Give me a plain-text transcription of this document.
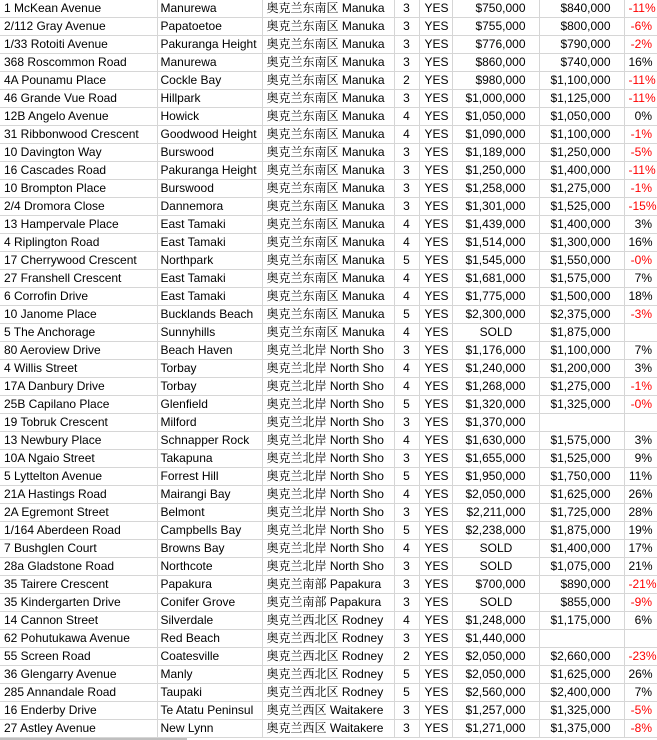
1 McKean Avenue	Manurewa	奥克兰东南区 Manuka	3	YES	$750,000	$840,000	-11%
2/112 Gray Avenue	Papatoetoe	奥克兰东南区 Manuka	3	YES	$755,000	$800,000	-6%
1/33 Rotoiti Avenue	Pakuranga Height	奥克兰东南区 Manuka	3	YES	$776,000	$790,000	-2%
368 Roscommon Road	Manurewa	奥克兰东南区 Manuka	3	YES	$860,000	$740,000	16%
4A Pounamu Place	Cockle Bay	奥克兰东南区 Manuka	2	YES	$980,000	$1,100,000	-11%
46 Grande Vue Road	Hillpark	奥克兰东南区 Manuka	3	YES	$1,000,000	$1,125,000	-11%
12B Angelo Avenue	Howick	奥克兰东南区 Manuka	4	YES	$1,050,000	$1,050,000	0%
31 Ribbonwood Crescent	Goodwood Height	奥克兰东南区 Manuka	4	YES	$1,090,000	$1,100,000	-1%
10 Davington Way	Burswood	奥克兰东南区 Manuka	3	YES	$1,189,000	$1,250,000	-5%
16 Cascades Road	Pakuranga Height	奥克兰东南区 Manuka	3	YES	$1,250,000	$1,400,000	-11%
10 Brompton Place	Burswood	奥克兰东南区 Manuka	3	YES	$1,258,000	$1,275,000	-1%
2/4 Dromora Close	Dannemora	奥克兰东南区 Manuka	3	YES	$1,301,000	$1,525,000	-15%
13 Hampervale Place	East Tamaki	奥克兰东南区 Manuka	4	YES	$1,439,000	$1,400,000	3%
4 Riplington Road	East Tamaki	奥克兰东南区 Manuka	4	YES	$1,514,000	$1,300,000	16%
17 Cherrywood Crescent	Northpark	奥克兰东南区 Manuka	5	YES	$1,545,000	$1,550,000	-0%
27 Franshell Crescent	East Tamaki	奥克兰东南区 Manuka	4	YES	$1,681,000	$1,575,000	7%
6 Corrofin Drive	East Tamaki	奥克兰东南区 Manuka	4	YES	$1,775,000	$1,500,000	18%
10 Janome Place	Bucklands Beach	奥克兰东南区 Manuka	5	YES	$2,300,000	$2,375,000	-3%
5 The Anchorage	Sunnyhills	奥克兰东南区 Manuka	4	YES	SOLD	$1,875,000	
80 Aeroview Drive	Beach Haven	奥克兰北岸 North Sho	3	YES	$1,176,000	$1,100,000	7%
4 Willis Street	Torbay	奥克兰北岸 North Sho	4	YES	$1,240,000	$1,200,000	3%
17A Danbury Drive	Torbay	奥克兰北岸 North Sho	4	YES	$1,268,000	$1,275,000	-1%
25B Capilano Place	Glenfield	奥克兰北岸 North Sho	5	YES	$1,320,000	$1,325,000	-0%
19 Tobruk Crescent	Milford	奥克兰北岸 North Sho	3	YES	$1,370,000		
13 Newbury Place	Schnapper Rock	奥克兰北岸 North Sho	4	YES	$1,630,000	$1,575,000	3%
10A Ngaio Street	Takapuna	奥克兰北岸 North Sho	3	YES	$1,655,000	$1,525,000	9%
5 Lyttelton Avenue	Forrest Hill	奥克兰北岸 North Sho	5	YES	$1,950,000	$1,750,000	11%
21A Hastings Road	Mairangi Bay	奥克兰北岸 North Sho	4	YES	$2,050,000	$1,625,000	26%
2A Egremont Street	Belmont	奥克兰北岸 North Sho	3	YES	$2,211,000	$1,725,000	28%
1/164 Aberdeen Road	Campbells Bay	奥克兰北岸 North Sho	5	YES	$2,238,000	$1,875,000	19%
7 Bushglen Court	Browns Bay	奥克兰北岸 North Sho	4	YES	SOLD	$1,400,000	17%
28a Gladstone Road	Northcote	奥克兰北岸 North Sho	3	YES	SOLD	$1,075,000	21%
35 Tairere Crescent	Papakura	奥克兰南部 Papakura	3	YES	$700,000	$890,000	-21%
35 Kindergarten Drive	Conifer Grove	奥克兰南部 Papakura	3	YES	SOLD	$855,000	-9%
14 Cannon Street	Silverdale	奥克兰西北区 Rodney	4	YES	$1,248,000	$1,175,000	6%
62 Pohutukawa Avenue	Red Beach	奥克兰西北区 Rodney	3	YES	$1,440,000		
55 Screen Road	Coatesville	奥克兰西北区 Rodney	2	YES	$2,050,000	$2,660,000	-23%
36 Glengarry Avenue	Manly	奥克兰西北区 Rodney	5	YES	$2,050,000	$1,625,000	26%
285 Annandale Road	Taupaki	奥克兰西北区 Rodney	5	YES	$2,560,000	$2,400,000	7%
16 Enderby Drive	Te Atatu Peninsul	奥克兰西区 Waitakere	3	YES	$1,257,000	$1,325,000	-5%
27 Astley Avenue	New Lynn	奥克兰西区 Waitakere	3	YES	$1,271,000	$1,375,000	-8%
